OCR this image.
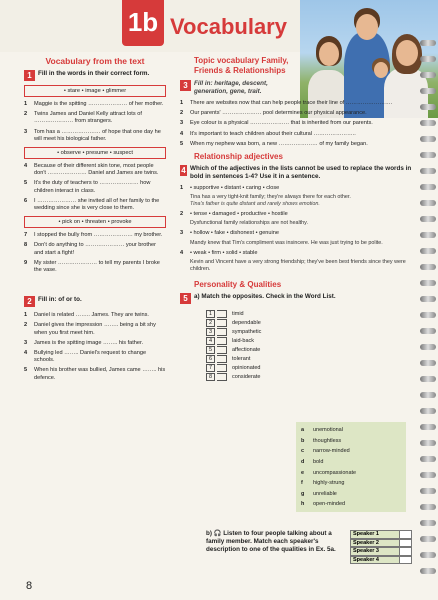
1b Vocabulary
Vocabulary from the text
1 Fill in the words in their correct form.
• stare • image • glimmer
1	Maggie is the spitting ………………… of her mother.
2	Twins James and Daniel Kelly attract lots of ………………… from strangers.
3	Tom has a ………………… of hope that one day he will meet his biological father.
• observe • presume • suspect
4	Because of their different skin tone, most people don't ………………… Daniel and James are twins.
5	It's the duty of teachers to ………………… how children interact in class.
6	I ………………… she invited all of her family to the wedding since she is very close to them.
• pick on • threaten • provoke
7	I stopped the bully from ………………… my brother.
8	Don't do anything to ………………… your brother and start a fight!
9	My sister ………………… to tell my parents I broke the vase.
2 Fill in: of or to.
1	Daniel is related …….. James. They are twins.
2	Daniel gives the impression …….. being a bit shy when you first meet him.
3	James is the spitting image …….. his father.
4	Bullying led …….. Daniel's request to change schools.
5	When his brother was bullied, James came …….. his defence.
Topic vocabulary Family, Friends & Relationships
3 Fill in: heritage, descent, generation, gene, trait.
1	There are websites now that can help people trace their line of …………………….
2	Our parents' ………………… pool determines our physical appearance.
3	Eye colour is a physical ………………… that is inherited from our parents.
4	It's important to teach children about their cultural …………………..
5	When my nephew was born, a new ………………… of my family began.
Relationship adjectives
4 Which of the adjectives in the lists cannot be used to replace the words in bold in sentences 1-4? Use it in a sentence.
1	• supportive • distant • caring • close
Tina has a very tight-knit family; they're always there for each other.
Tina's father is quite distant and rarely shows emotion.
2	• tense • damaged • productive • hostile
Dysfunctional family relationships are not healthy.
3	• hollow • fake • dishonest • genuine
Mandy knew that Tim's compliment was insincere. He was just trying to be polite.
4	• weak • firm • solid • stable
Kevin and Vincent have a very strong friendship; they've been best friends since they were children.
Personality & Qualities
5 a) Match the opposites. Check in the Word List.
1	timid
2	dependable
3	sympathetic
4	laid-back
5	affectionate
6	tolerant
7	opinionated
8	considerate
a	unemotional
b	thoughtless
c	narrow-minded
d	bold
e	uncompassionate
f	highly-strung
g	unreliable
h	open-minded
b) 🎧 Listen to four people talking about a family member. Match each speaker's description to one of the qualities in Ex. 5a.
Speaker 1
Speaker 2
Speaker 3
Speaker 4
8
